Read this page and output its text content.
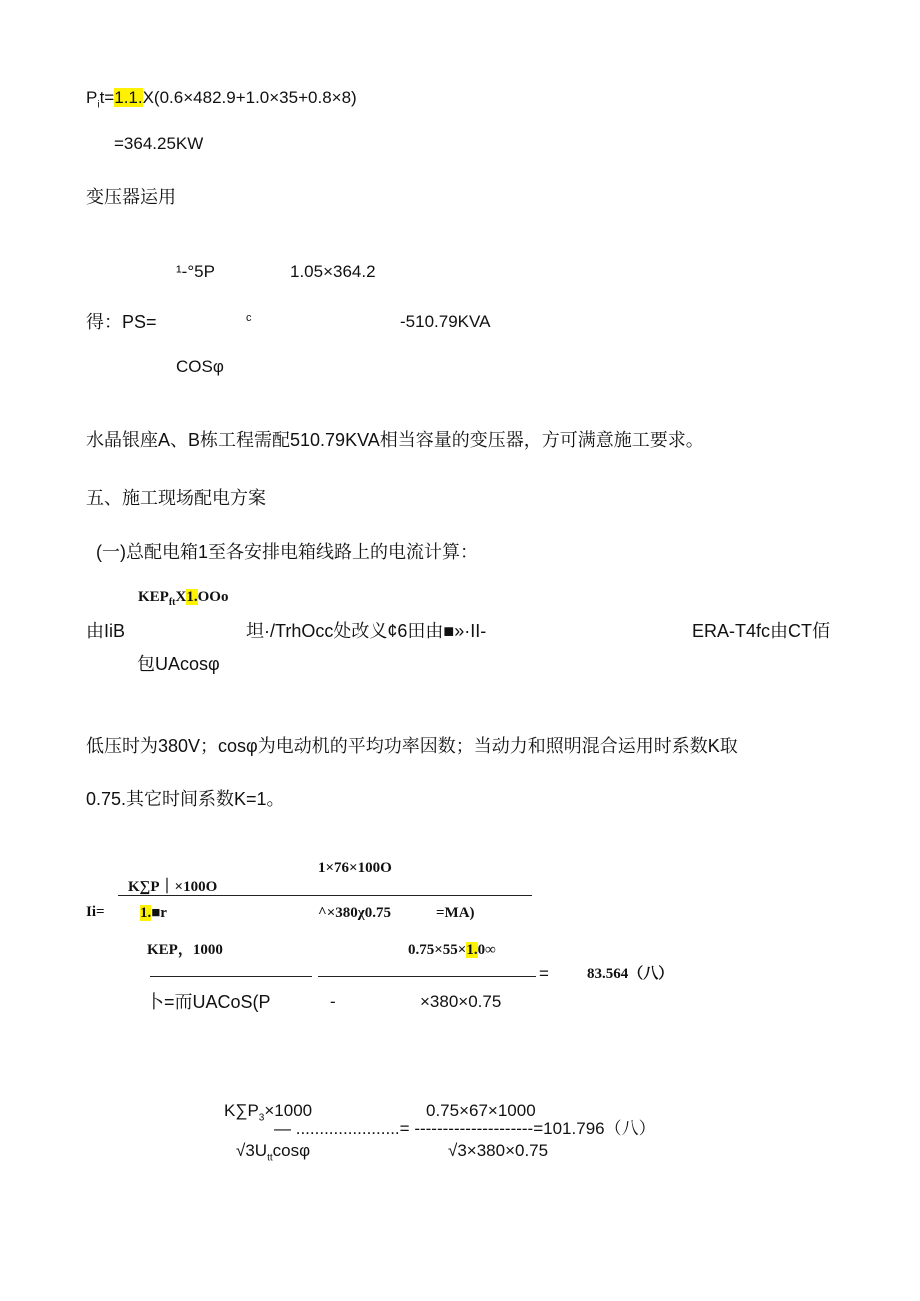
$P_it=1.1.X(0.6\times 482.9+1.0\times 35+0.8\times 8)$
=364.25KW
变压器运用
¹-°5P	1.05×364.2
得：PS=	c	-510.79KVA
COSφ
水晶银座A、B栋工程需配510.79KVA相当容量的变压器，方可满意施工要求。
五、施工现场配电方案
(一)总配电箱1至各安排电箱线路上的电流计算：
$KEP_{ft}X1.OOo$
由IiB	坦·/TrhOcc处改义¢6田由■»·II-	ERA-T4fc由CT佰
包UAcosφ
低压时为380V；cosφ为电动机的平均功率因数；当动力和照明混合运用时系数K取
0.75.其它时间系数K=1。
1×76×100O
K∑P｜×100O
Ii= 1.■r	^×380χ0.75	=MA)
KEP，1000	0.75×55×1.0∞
=	83.564（八）
卜=而UACoS(P	-	×380×0.75
$K\sum P_3\times 1000$	0.75×67×1000
— ......................= ---------------------=101.796（八）
$√3U_{tt}\cos\varphi$	√3×380×0.75
